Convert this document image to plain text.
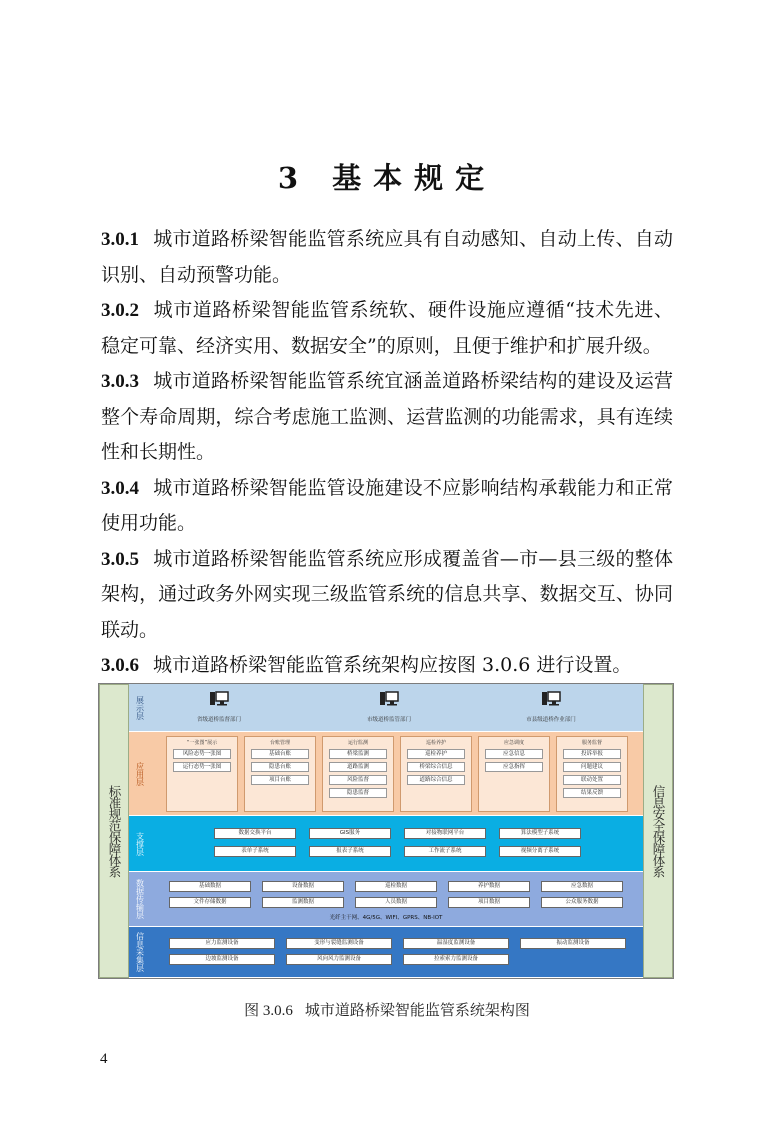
3 基本规定

3.0.1 城市道路桥梁智能监管系统应具有自动感知、自动上传、自动识别、自动预警功能。

3.0.2 城市道路桥梁智能监管系统软、硬件设施应遵循“技术先进、稳定可靠、经济实用、数据安全”的原则，且便于维护和扩展升级。

3.0.3 城市道路桥梁智能监管系统宜涵盖道路桥梁结构的建设及运营整个寿命周期，综合考虑施工监测、运营监测的功能需求，具有连续性和长期性。

3.0.4 城市道路桥梁智能监管设施建设不应影响结构承载能力和正常使用功能。

3.0.5 城市道路桥梁智能监管系统应形成覆盖省—市—县三级的整体架构，通过政务外网实现三级监管系统的信息共享、数据交互、协同联动。

3.0.6 城市道路桥梁智能监管系统架构应按图 3.0.6 进行设置。

标准规范保障体系	信息安全保障体系
展示层
省级道桥监督部门	市级道桥监管部门	市县级道桥作业部门
应用层
“一张图”展示
风险态势一张图
运行态势一张图
台账管理
基础台账
隐患台账
项目台账
运行监测
桥梁监测
道路监测
风险监督
隐患监督
巡检养护
巡检养护
桥梁综合信息
道路综合信息
应急调度
应急信息
应急指挥
服务监督
投诉举报
问题建议
联动处置
结果反馈
支撑层	数据交换平台	GIS服务	对接物联网平台	算法模型子系统
表单子系统	报表子系统	工作流子系统	视频分离子系统
数据传输层	基础数据	设备数据	巡检数据	养护数据	应急数据
文件存储数据	监测数据	人员数据	项目数据	公众服务数据
光纤主干网、4G/5G、WIFI、GPRS、NB-IOT
信息采集层	应力监测设备	变形与裂缝监测设备	温湿度监测设备	振动监测设备
边坡监测设备	风向风力监测设备	拉索索力监测设备
图 3.0.6 城市道路桥梁智能监管系统架构图
4
